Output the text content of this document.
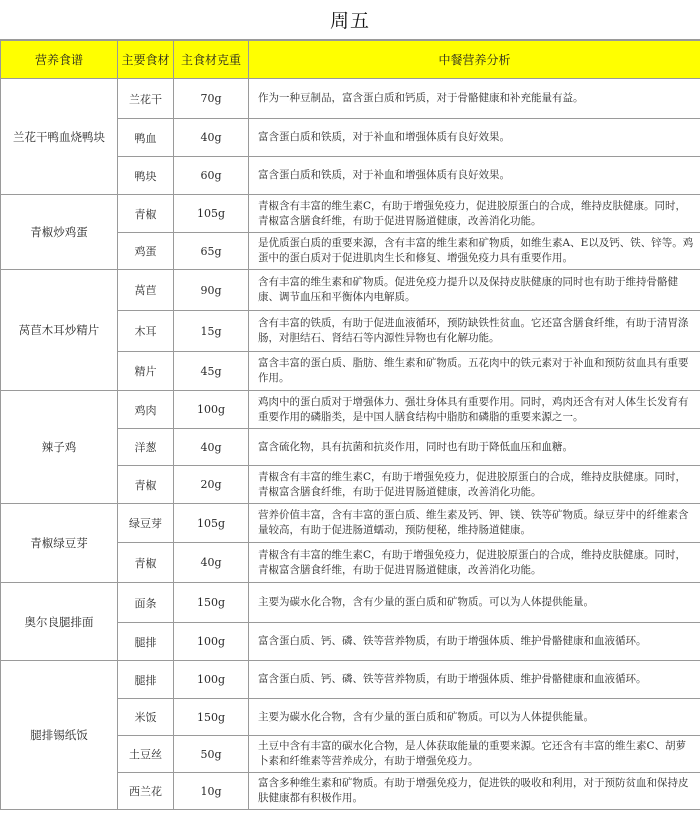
周五
营养食谱	主要食材	主食材克重	中餐营养分析
兰花干鸭血烧鸭块	兰花干	70g	作为一种豆制品，富含蛋白质和钙质，对于骨骼健康和补充能量有益。
	鸭血	40g	富含蛋白质和铁质，对于补血和增强体质有良好效果。
	鸭块	60g	富含蛋白质和铁质，对于补血和增强体质有良好效果。
青椒炒鸡蛋	青椒	105g	青椒含有丰富的维生素C，有助于增强免疫力，促进胶原蛋白的合成，维持皮肤健康。同时，青椒富含膳食纤维，有助于促进胃肠道健康，改善消化功能。
	鸡蛋	65g	是优质蛋白质的重要来源，含有丰富的维生素和矿物质，如维生素A、E以及钙、铁、锌等。鸡蛋中的蛋白质对于促进肌肉生长和修复、增强免疫力具有重要作用。
莴苣木耳炒精片	莴苣	90g	含有丰富的维生素和矿物质。促进免疫力提升以及保持皮肤健康的同时也有助于维持骨骼健康、调节血压和平衡体内电解质。
	木耳	15g	含有丰富的铁质，有助于促进血液循环，预防缺铁性贫血。它还富含膳食纤维，有助于清胃涤肠，对胆结石、肾结石等内源性异物也有化解功能。
	精片	45g	富含丰富的蛋白质、脂肪、维生素和矿物质。五花肉中的铁元素对于补血和预防贫血具有重要作用。
辣子鸡	鸡肉	100g	鸡肉中的蛋白质对于增强体力、强壮身体具有重要作用。同时，鸡肉还含有对人体生长发育有重要作用的磷脂类，是中国人膳食结构中脂肪和磷脂的重要来源之一。
	洋葱	40g	富含硫化物，具有抗菌和抗炎作用，同时也有助于降低血压和血糖。
	青椒	20g	青椒含有丰富的维生素C，有助于增强免疫力，促进胶原蛋白的合成，维持皮肤健康。同时，青椒富含膳食纤维，有助于促进胃肠道健康，改善消化功能。
青椒绿豆芽	绿豆芽	105g	营养价值丰富，含有丰富的蛋白质、维生素及钙、钾、镁、铁等矿物质。绿豆芽中的纤维素含量较高，有助于促进肠道蠕动，预防便秘，维持肠道健康。
	青椒	40g	青椒含有丰富的维生素C，有助于增强免疫力，促进胶原蛋白的合成，维持皮肤健康。同时，青椒富含膳食纤维，有助于促进胃肠道健康，改善消化功能。
奥尔良腿排面	面条	150g	主要为碳水化合物，含有少量的蛋白质和矿物质。可以为人体提供能量。
	腿排	100g	富含蛋白质、钙、磷、铁等营养物质，有助于增强体质、维护骨骼健康和血液循环。
腿排锡纸饭	腿排	100g	富含蛋白质、钙、磷、铁等营养物质，有助于增强体质、维护骨骼健康和血液循环。
	米饭	150g	主要为碳水化合物，含有少量的蛋白质和矿物质。可以为人体提供能量。
	土豆丝	50g	土豆中含有丰富的碳水化合物，是人体获取能量的重要来源。它还含有丰富的维生素C、胡萝卜素和纤维素等营养成分，有助于增强免疫力。
	西兰花	10g	富含多种维生素和矿物质。有助于增强免疫力，促进铁的吸收和利用，对于预防贫血和保持皮肤健康都有积极作用。
